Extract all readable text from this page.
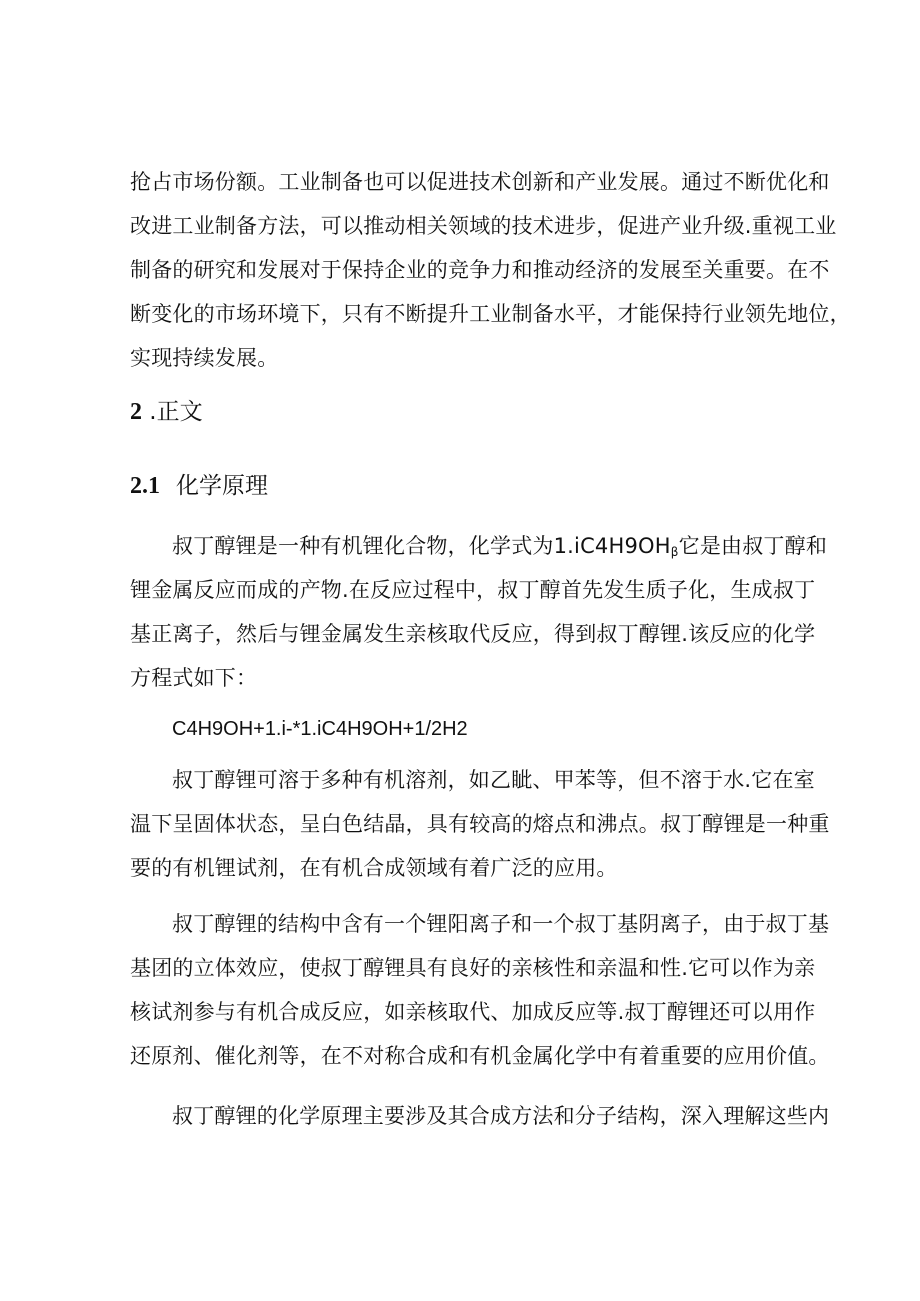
抢占市场份额。工业制备也可以促进技术创新和产业发展。通过不断优化和
改进工业制备方法，可以推动相关领域的技术进步，促进产业升级.重视工业
制备的研究和发展对于保持企业的竞争力和推动经济的发展至关重要。在不
断变化的市场环境下，只有不断提升工业制备水平，才能保持行业领先地位，
实现持续发展。
2 .正文
2.1 化学原理
叔丁醇锂是一种有机锂化合物，化学式为$1.iC4H9OH_\beta$它是由叔丁醇和
锂金属反应而成的产物.在反应过程中，叔丁醇首先发生质子化，生成叔丁
基正离子，然后与锂金属发生亲核取代反应，得到叔丁醇锂.该反应的化学
方程式如下：

C4H9OH+1.i-*1.iC4H9OH+1/2H2

叔丁醇锂可溶于多种有机溶剂，如乙眦、甲苯等，但不溶于水.它在室
温下呈固体状态，呈白色结晶，具有较高的熔点和沸点。叔丁醇锂是一种重
要的有机锂试剂，在有机合成领域有着广泛的应用。
叔丁醇锂的结构中含有一个锂阳离子和一个叔丁基阴离子，由于叔丁基
基团的立体效应，使叔丁醇锂具有良好的亲核性和亲温和性.它可以作为亲
核试剂参与有机合成反应，如亲核取代、加成反应等.叔丁醇锂还可以用作
还原剂、催化剂等，在不对称合成和有机金属化学中有着重要的应用价值。
叔丁醇锂的化学原理主要涉及其合成方法和分子结构，深入理解这些内
